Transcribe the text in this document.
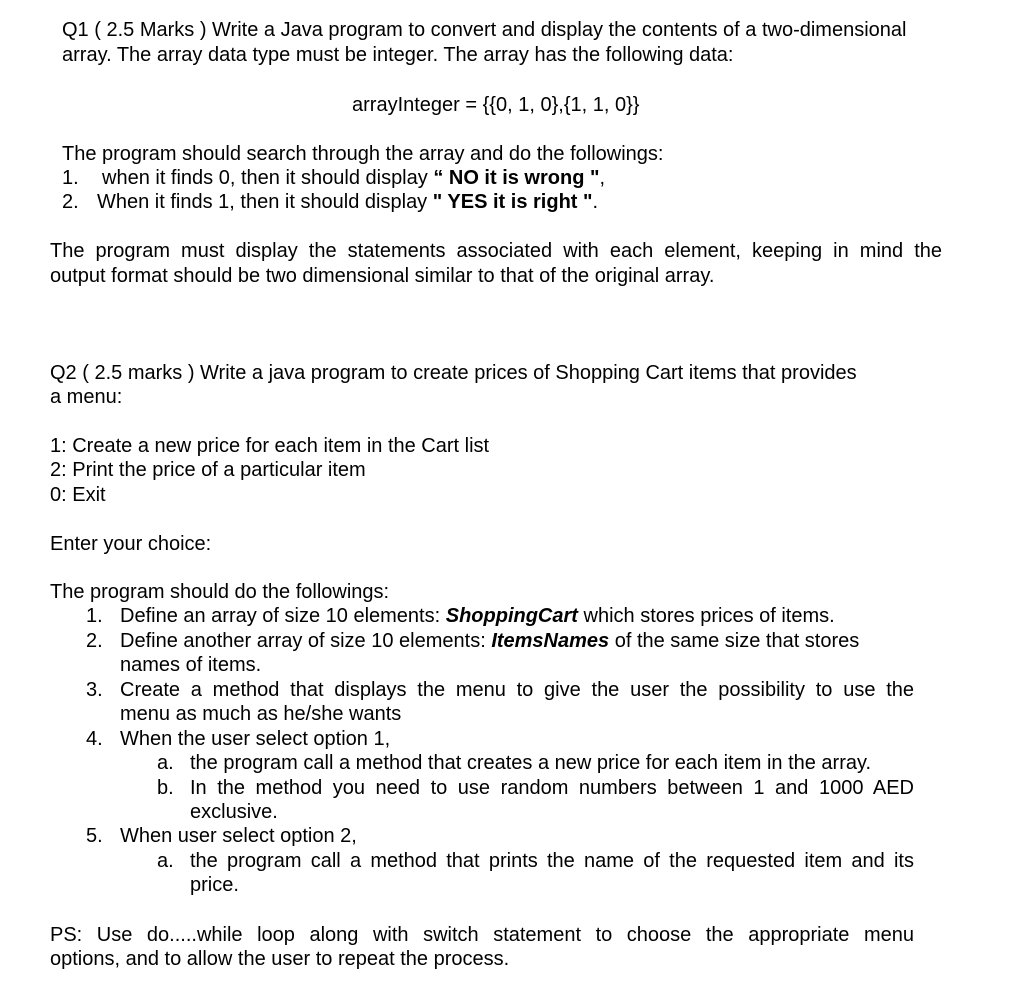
Q1 ( 2.5 Marks ) Write a Java program to convert and display the contents of a two-dimensional
array. The array data type must be integer. The array has the following data:
arrayInteger = {{0, 1, 0},{1, 1, 0}}
The program should search through the array and do the followings:
1. when it finds 0, then it should display “ NO it is wrong ",
2. When it finds 1, then it should display " YES it is right ".
The program must display the statements associated with each element, keeping in mind the
output format should be two dimensional similar to that of the original array.
Q2 ( 2.5 marks ) Write a java program to create prices of Shopping Cart items that provides
a menu:
1: Create a new price for each item in the Cart list
2: Print the price of a particular item
0: Exit
Enter your choice:
The program should do the followings:
1. Define an array of size 10 elements: ShoppingCart which stores prices of items.
2. Define another array of size 10 elements: ItemsNames of the same size that stores
names of items.
3. Create a method that displays the menu to give the user the possibility to use the
menu as much as he/she wants
4. When the user select option 1,
a. the program call a method that creates a new price for each item in the array.
b. In the method you need to use random numbers between 1 and 1000 AED
exclusive.
5. When user select option 2,
a. the program call a method that prints the name of the requested item and its
price.
PS: Use do.....while loop along with switch statement to choose the appropriate menu
options, and to allow the user to repeat the process.
